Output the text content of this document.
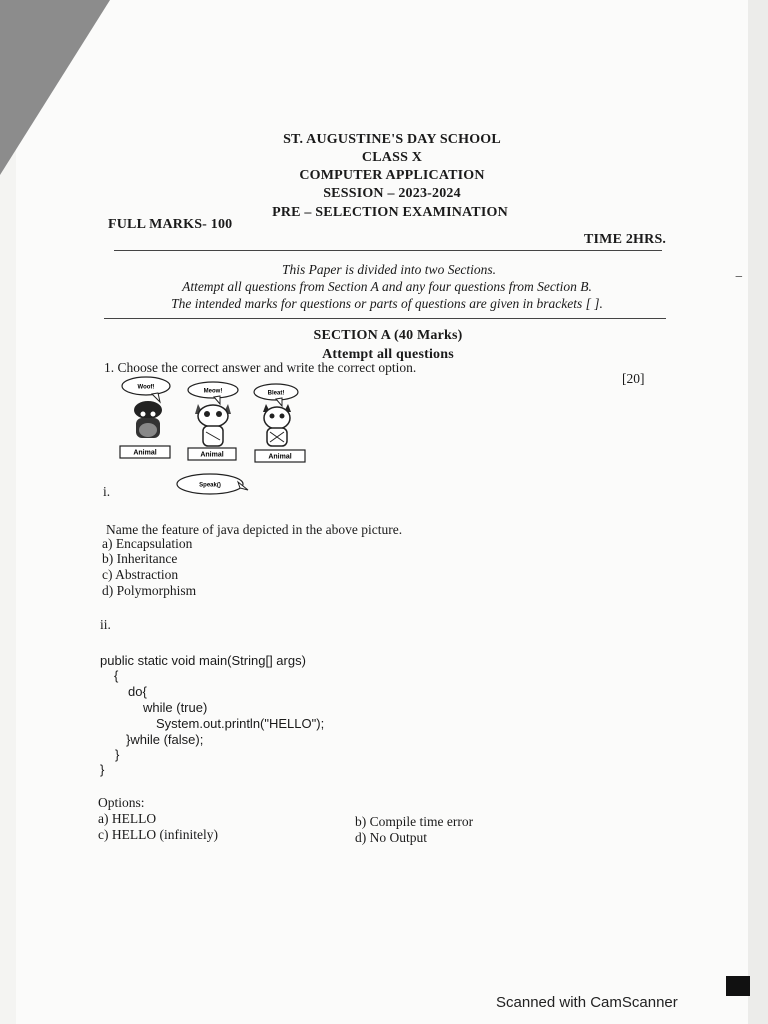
−
ST. AUGUSTINE'S DAY SCHOOL
CLASS X
COMPUTER APPLICATION
SESSION – 2023-2024
PRE – SELECTION EXAMINATION
FULL MARKS- 100
TIME 2HRS.
This Paper is divided into two Sections.
Attempt all questions from Section A and any four questions from Section B.
The intended marks for questions or parts of questions are given in brackets [ ].
SECTION A (40 Marks)
Attempt all questions
1. Choose the correct answer and write the correct option.
[20]
Woof!
Meow!	Bleat!
Animal	Animal	Animal
Speak()
i.
Name the feature of java depicted in the above picture.
a) Encapsulation
b) Inheritance
c) Abstraction
d) Polymorphism
ii.
public static void main(String[] args)
{
do{
while (true)
System.out.println("HELLO");
}while (false);
}
}
Options:
a) HELLO	b) Compile time error
c) HELLO (infinitely)	d) No Output
Scanned with CamScanner
